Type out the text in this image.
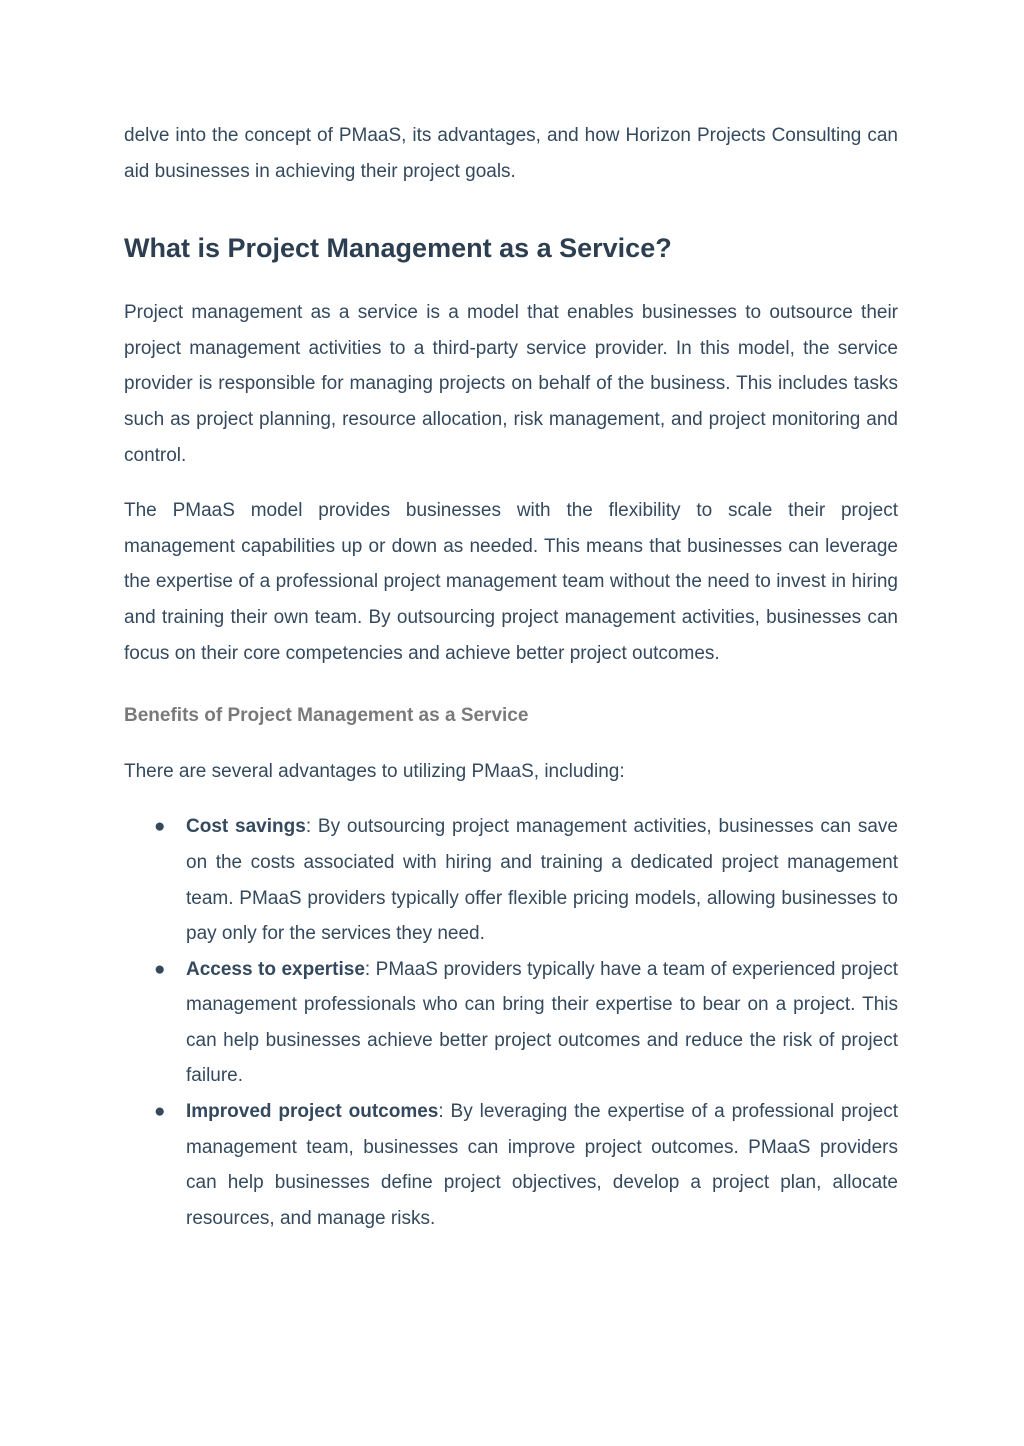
delve into the concept of PMaaS, its advantages, and how Horizon Projects Consulting can aid businesses in achieving their project goals.

What is Project Management as a Service?

Project management as a service is a model that enables businesses to outsource their project management activities to a third-party service provider. In this model, the service provider is responsible for managing projects on behalf of the business. This includes tasks such as project planning, resource allocation, risk management, and project monitoring and control.

The PMaaS model provides businesses with the flexibility to scale their project management capabilities up or down as needed. This means that businesses can leverage the expertise of a professional project management team without the need to invest in hiring and training their own team. By outsourcing project management activities, businesses can focus on their core competencies and achieve better project outcomes.

Benefits of Project Management as a Service

There are several advantages to utilizing PMaaS, including:

● Cost savings: By outsourcing project management activities, businesses can save on the costs associated with hiring and training a dedicated project management team. PMaaS providers typically offer flexible pricing models, allowing businesses to pay only for the services they need.
● Access to expertise: PMaaS providers typically have a team of experienced project management professionals who can bring their expertise to bear on a project. This can help businesses achieve better project outcomes and reduce the risk of project failure.
● Improved project outcomes: By leveraging the expertise of a professional project management team, businesses can improve project outcomes. PMaaS providers can help businesses define project objectives, develop a project plan, allocate resources, and manage risks.
